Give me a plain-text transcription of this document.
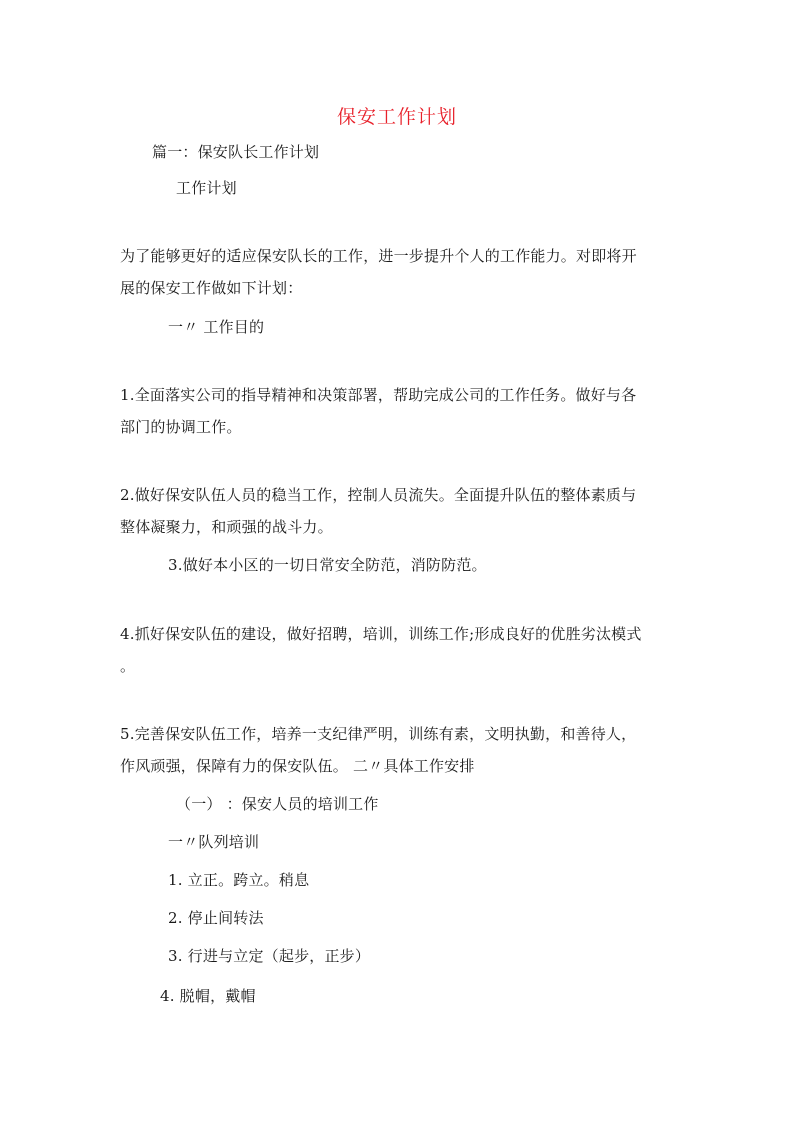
保安工作计划
篇一：保安队长工作计划
工作计划
为了能够更好的适应保安队长的工作，进一步提升个人的工作能力。对即将开
展的保安工作做如下计划：
一〃 工作目的
1.全面落实公司的指导精神和决策部署，帮助完成公司的工作任务。做好与各
部门的协调工作。
2.做好保安队伍人员的稳当工作，控制人员流失。全面提升队伍的整体素质与
整体凝聚力，和顽强的战斗力。
3.做好本小区的一切日常安全防范，消防防范。
4.抓好保安队伍的建设，做好招聘，培训，训练工作;形成良好的优胜劣汰模式
。
5.完善保安队伍工作，培养一支纪律严明，训练有素，文明执勤，和善待人，
作风顽强，保障有力的保安队伍。 二〃具体工作安排
（一） ：保安人员的培训工作
一〃队列培训
1. 立正。跨立。稍息
2. 停止间转法
3. 行进与立定（起步，正步）
4. 脱帽，戴帽
